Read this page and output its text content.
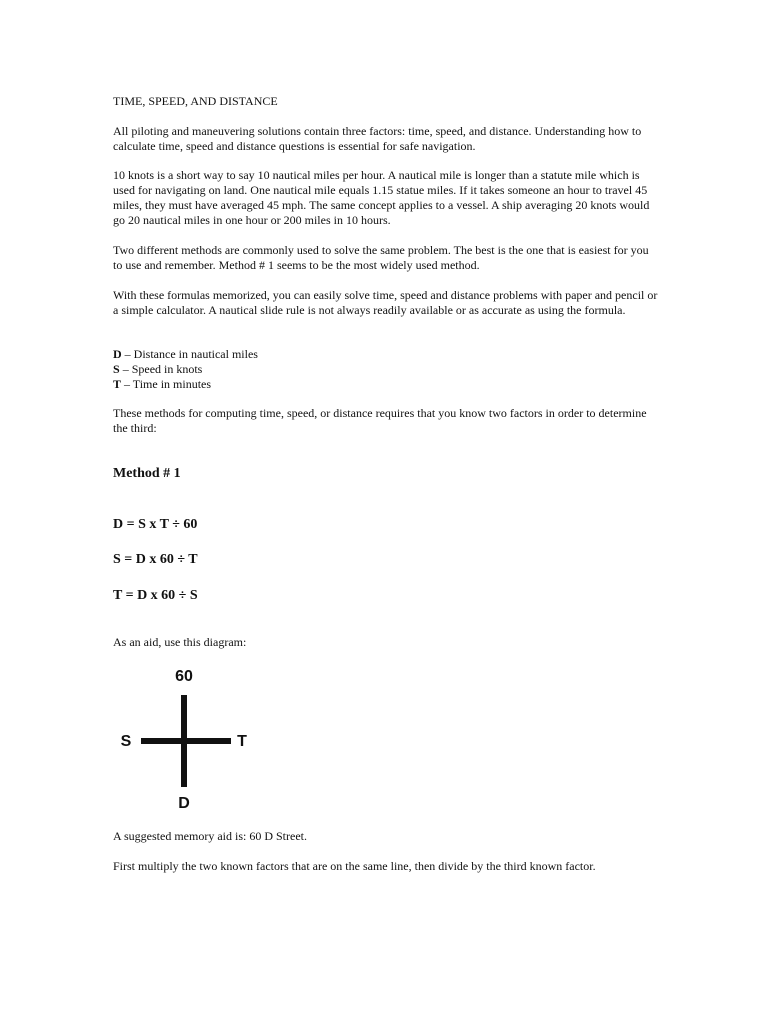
TIME, SPEED, AND DISTANCE

All piloting and maneuvering solutions contain three factors: time, speed, and distance. Understanding how to calculate time, speed and distance questions is essential for safe navigation.

10 knots is a short way to say 10 nautical miles per hour. A nautical mile is longer than a statute mile which is used for navigating on land. One nautical mile equals 1.15 statue miles. If it takes someone an hour to travel 45 miles, they must have averaged 45 mph. The same concept applies to a vessel. A ship averaging 20 knots would go 20 nautical miles in one hour or 200 miles in 10 hours.

Two different methods are commonly used to solve the same problem. The best is the one that is easiest for you to use and remember. Method # 1 seems to be the most widely used method.

With these formulas memorized, you can easily solve time, speed and distance problems with paper and pencil or a simple calculator. A nautical slide rule is not always readily available or as accurate as using the formula.

D – Distance in nautical miles
S – Speed in knots
T – Time in minutes

These methods for computing time, speed, or distance requires that you know two factors in order to determine the third:

Method # 1

D = S x T ÷ 60

S = D x 60 ÷ T

T = D x 60 ÷ S

As an aid, use this diagram:

60
S	T
D

A suggested memory aid is: 60 D Street.

First multiply the two known factors that are on the same line, then divide by the third known factor.
